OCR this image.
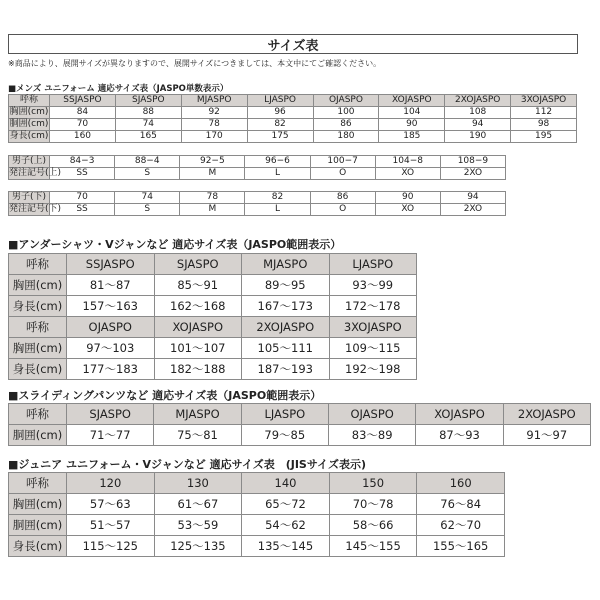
サイズ表
※商品により、展開サイズが異なりますので、展開サイズにつきましては、本文中にてご確認ください。
■メンズ ユニフォーム 適応サイズ表（JASPO単数表示）
呼称	SSJASPO	SJASPO	MJASPO	LJASPO	OJASPO	XOJASPO	2XOJASPO	3XOJASPO
胸囲(cm)	84	88	92	96	100	104	108	112
胴囲(cm)	70	74	78	82	86	90	94	98
身長(cm)	160	165	170	175	180	185	190	195
男子(上)	84−3	88−4	92−5	96−6	100−7	104−8	108−9
発注記号(上)	SS	S	M	L	O	XO	2XO
男子(下)	70	74	78	82	86	90	94
発注記号(下)	SS	S	M	L	O	XO	2XO
■アンダーシャツ・Vジャンなど 適応サイズ表（JASPO範囲表示）
呼称	SSJASPO	SJASPO	MJASPO	LJASPO
胸囲(cm)	81〜87	85〜91	89〜95	93〜99
身長(cm)	157〜163	162〜168	167〜173	172〜178
呼称	OJASPO	XOJASPO	2XOJASPO	3XOJASPO
胸囲(cm)	97〜103	101〜107	105〜111	109〜115
身長(cm)	177〜183	182〜188	187〜193	192〜198
■スライディングパンツなど 適応サイズ表（JASPO範囲表示）
呼称	SJASPO	MJASPO	LJASPO	OJASPO	XOJASPO	2XOJASPO
胴囲(cm)	71〜77	75〜81	79〜85	83〜89	87〜93	91〜97
■ジュニア ユニフォーム・Vジャンなど 適応サイズ表　(JISサイズ表示)
呼称	120	130	140	150	160
胸囲(cm)	57〜63	61〜67	65〜72	70〜78	76〜84
胴囲(cm)	51〜57	53〜59	54〜62	58〜66	62〜70
身長(cm)	115〜125	125〜135	135〜145	145〜155	155〜165
